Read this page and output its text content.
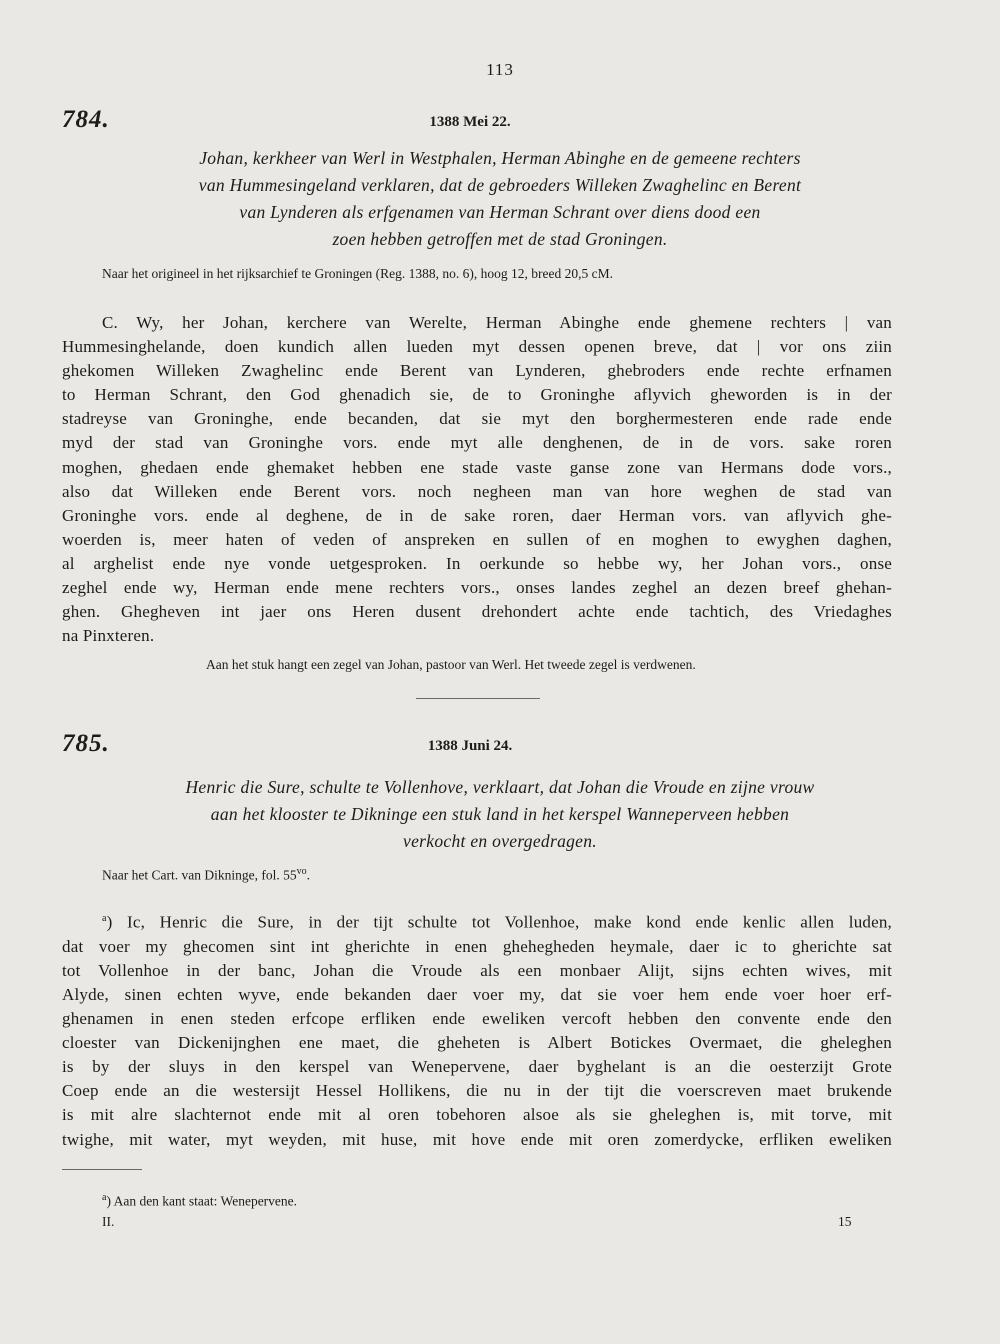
113
784.	1388 Mei 22.
Johan, kerkheer van Werl in Westphalen, Herman Abinghe en de gemeene rechters
van Hummesingeland verklaren, dat de gebroeders Willeken Zwaghelinc en Berent
van Lynderen als erfgenamen van Herman Schrant over diens dood een
zoen hebben getroffen met de stad Groningen.
Naar het origineel in het rijksarchief te Groningen (Reg. 1388, no. 6), hoog 12, breed 20,5 cM.
C. Wy, her Johan, kerchere van Werelte, Herman Abinghe ende ghemene rechters | van
Hummesinghelande, doen kundich allen lueden myt dessen openen breve, dat | vor ons ziin
ghekomen Willeken Zwaghelinc ende Berent van Lynderen, ghebroders ende rechte erfnamen
to Herman Schrant, den God ghenadich sie, de to Groninghe aflyvich gheworden is in der
stadreyse van Groninghe, ende becanden, dat sie myt den borghermesteren ende rade ende
myd der stad van Groninghe vors. ende myt alle denghenen, de in de vors. sake roren
moghen, ghedaen ende ghemaket hebben ene stade vaste ganse zone van Hermans dode vors.,
also dat Willeken ende Berent vors. noch negheen man van hore weghen de stad van
Groninghe vors. ende al deghene, de in de sake roren, daer Herman vors. van aflyvich ghe-
woerden is, meer haten of veden of anspreken en sullen of en moghen to ewyghen daghen,
al arghelist ende nye vonde uetgesproken. In oerkunde so hebbe wy, her Johan vors., onse
zeghel ende wy, Herman ende mene rechters vors., onses landes zeghel an dezen breef ghehan-
ghen. Ghegheven int jaer ons Heren dusent drehondert achte ende tachtich, des Vriedaghes
na Pinxteren.
Aan het stuk hangt een zegel van Johan, pastoor van Werl. Het tweede zegel is verdwenen.
785.	1388 Juni 24.
Henric die Sure, schulte te Vollenhove, verklaart, dat Johan die Vroude en zijne vrouw
aan het klooster te Dikninge een stuk land in het kerspel Wanneperveen hebben
verkocht en overgedragen.
Naar het Cart. van Dikninge, fol. $55^{vo}$.
$^a$) Ic, Henric die Sure, in der tijt schulte tot Vollenhoe, make kond ende kenlic allen luden,
dat voer my ghecomen sint int gherichte in enen ghehegheden heymale, daer ic to gherichte sat
tot Vollenhoe in der banc, Johan die Vroude als een monbaer Alijt, sijns echten wives, mit
Alyde, sinen echten wyve, ende bekanden daer voer my, dat sie voer hem ende voer hoer erf-
ghenamen in enen steden erfcope erfliken ende eweliken vercoft hebben den convente ende den
cloester van Dickenijnghen ene maet, die gheheten is Albert Botickes Overmaet, die gheleghen
is by der sluys in den kerspel van Wenepervene, daer byghelant is an die oesterzijt Grote
Coep ende an die westersijt Hessel Hollikens, die nu in der tijt die voerscreven maet brukende
is mit alre slachternot ende mit al oren tobehoren alsoe als sie gheleghen is, mit torve, mit
twighe, mit water, myt weyden, mit huse, mit hove ende mit oren zomerdycke, erfliken eweliken
$^a$) Aan den kant staat: Wenepervene.
II.	15
